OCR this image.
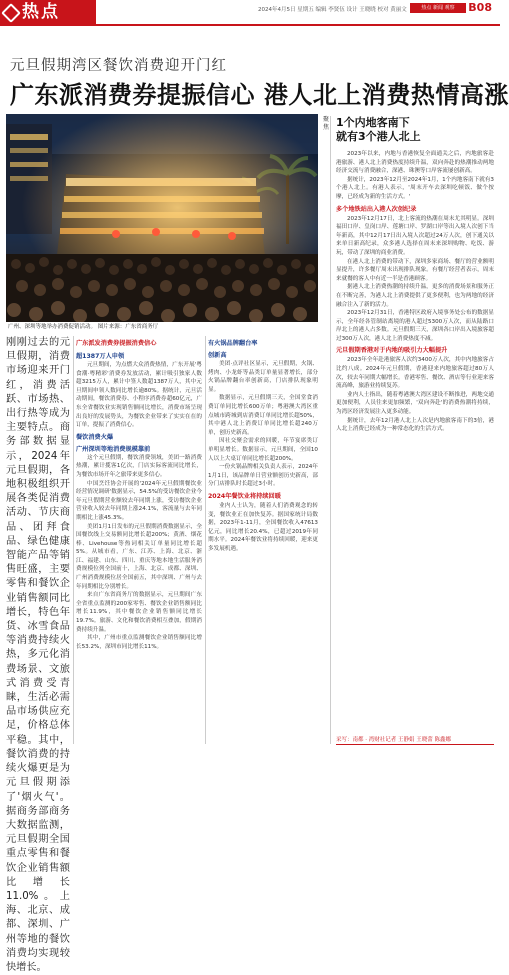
热点	2024年4月5日 星期五 编辑 李贤伍 设计 王晓晓 校对 黄丽文	热点 新闻 观察	B08
元旦假期湾区餐饮消费迎开门红
广东派消费券提振信心 港人北上消费热情高涨
广州、深圳等地举办消费促销活动。 图片来源：广东省商务厅
聚焦 1个内地客南下
就有3个港人北上
刚刚过去的元旦假期，消费市场迎来开门红，消费活跃、市场热、出行热等成为主要特点。商务部数据显示，2024年元旦假期，各地积极组织开展各类促消费活动、节庆商品、团拜食品、绿色健康智能产品等销售旺盛，主要零售和餐饮企业销售额同比增长，特色年货、冰雪食品等消费持续火热，多元化消费场景、文旅式消费受青睐，生活必需品市场供应充足，价格总体平稳。其中，餐饮消费的持续火爆更是为元旦假期添了'烟火气'。据商务部商务大数据监测，元旦假期全国重点零售和餐饮企业销售额比增长11.0%。上海、北京、成都、深圳、广州等地的餐饮消费均实现较快增长。
广东派发消费券提振消费信心
超1387万人申领
元旦期间，为点燃大众消费热情，广东开展'粤食潮·粤精彩'消费券发放活动，累计吸引独家人数超3215万人，累计中签人数超1387万人，其中元旦期间申领人数同比增长逾80%。据统计，元旦活动期间，餐饮消费券、小程序消费券超60亿元，广东全省餐饮业实现销售额同比增长，消费市场呈现出良好的发展势头，为餐饮企业带来了实实在在的订单，提振了消费信心。
餐饮消费火爆
广州深圳等地消费规模靠前
这个元旦假期，餐饮消费领域，美团一路消费热潮，累计揽客1亿次，门店实际客流同比增长，为餐饮市场开年之旅带来更多信心。
中国烹饪协会开展的'2024年元旦假期餐饮业经营情况调研'数据显示，54.5%的受访餐饮企业今年元旦假期营业额较去年同期上涨，受访餐饮企业营业收入较去年同期上涨24.1%，客流量与去年同期相比上涨45.3%。
美团1月1日发布的元旦假期消费数据显示，全国餐饮线上交易额同比增长超200%；黄酒、烟花棒、Livehouse等热词相关订单量同比增长超5%。从城市看，广东、江苏、上海、北京、浙江、福建、山东、四川、重庆等地本地生活服务消费规模位列全国前十，上海、北京、成都、深圳、广州消费规模位居全国前五，其中深圳、广州与去年同期相比分别增长。
来自广东省商务厅的数据显示，元旦期间广东全省重点监测的200家零售、餐饮企业销售额同比增长11.9%，其中餐饮企业销售额同比增长19.7%。旅游、文化和餐饮消费相互叠加，假期消费持续升温。
其中，广州市重点监测餐饮企业销售额同比增长53.2%，深圳市同比增长11%。
有火锅品牌翻台率
创新高
美团·点评社区显示，元旦假期，火锅、烤肉、小龙虾等品类订单量显著增长，部分火锅品牌翻台率创新高，门店排队现象明显。
数据显示，元旦假期三天，全国堂食消费订单同比增长600万单；粤港澳大湾区重点城市跨城到店消费订单同比增长超50%，其中港人北上消费订单同比增长超240万单，创历史新高。
因社交聚会需求的回暖，年节宴席类订单明显增长。数据显示，元旦期间，全国10人以上大桌订单同比增长超200%。
一份火锅品牌相关负责人表示，2024年1月1日，该品牌单日营业额创历史新高，部分门店排队时长超过3小时。
2024年餐饮业将持续回暖
业内人士认为，随着人们消费观念的转变，餐饮业正在加快复苏。据国家统计局数据，2023年1-11月，全国餐饮收入47613亿元，同比增长20.4%，已超过2019年同期水平。2024年餐饮业将持续回暖，迎来更多发展机遇。
2023年以来，内地与香港恢复全面通关之后，内地旅客赴港旅游、港人北上消费热度持续升温，双向奔赴的热潮推动两地经济交流与消费融合，深港、珠澳等口岸客流屡创新高。
据统计，2023年12月至2024年1月，1个内地客南下就有3个港人北上。有港人表示，'周末开车去深圳吃顿饭、做个按摩，已经成为新的生活方式。'
多个地铁站出入港人次创纪录
2023年12月17日，北上客流的热潮在周末尤其明显。深圳福田口岸、皇岗口岸、莲塘口岸、罗湖口岸等出入境人次创下当年新高，其中12月17日出入境人次超过24万人次，创下通关以来单日新高纪录，众多港人选择在周末来深圳购物、吃饭、游玩，带动了深圳的商业消费。
在港人北上消费的带动下，深圳多家商场、餐厅的营业额明显提升，许多餐厅周末出现排队现象。有餐厅经营者表示，周末来就餐的客人中有近一半是香港顾客。
据港人北上消费热潮的持续升温，更多的消费场景和服务正在不断完善，为港人北上消费提供了更多便利，也为两地的经济融合注入了新的活力。
2023年12月31日，香港特区政府入境事务处公布的数据显示，全年经各管制站离境的港人超过5300万人次，而从陆路口岸北上的港人占多数。元旦假期三天，深圳各口岸出入境旅客超过300万人次，港人北上消费热度不减。
元旦假期香港对于内地的吸引力大幅提升
2023年全年赴港旅客人次约3400万人次，其中内地旅客占比约八成。2024年元旦假期，香港迎来内地旅客超过80万人次，较去年同期大幅增长。香港零售、餐饮、酒店等行业迎来客流高峰，旅游业持续复苏。
业内人士指出，随着粤港澳大湾区建设不断推进，两地交通更加便利，人员往来更加频繁，'双向奔赴'的消费热潮将持续，为湾区经济发展注入更多动能。
据统计，去年12月港人北上人次是内地旅客南下的3倍，港人北上消费已经成为一种常态化的生活方式。
采写：南都 · 湾财社记者 王静娟 王晓蕾 陈鑫娜
